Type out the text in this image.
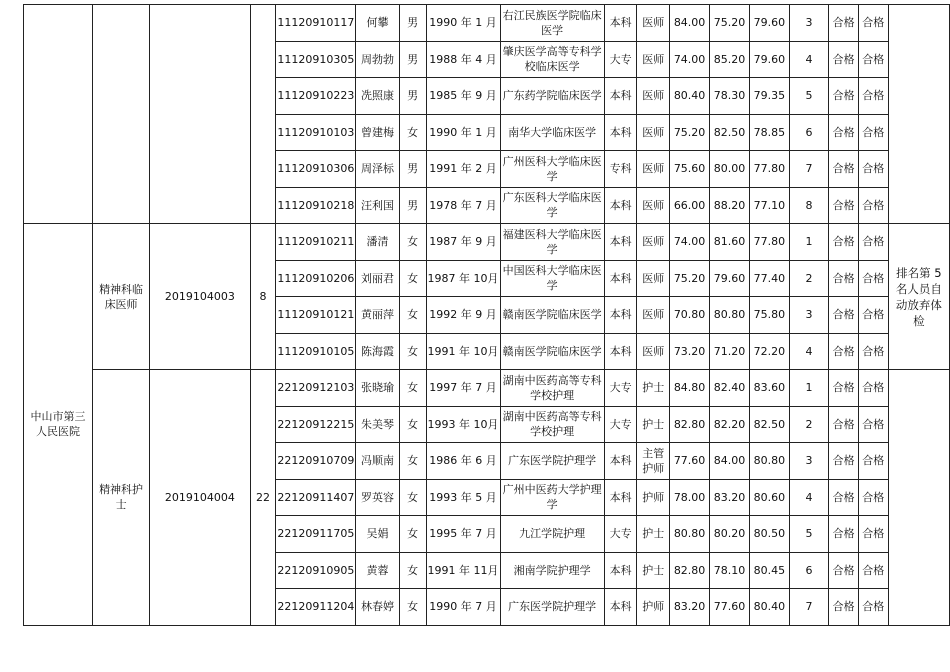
				11120910117	何攀	男	1990 年 1 月	右江民族医学院临床医学	本科	医师	84.00	75.20	79.60	3	合格	合格	
				11120910305	周勃勃	男	1988 年 4 月	肇庆医学高等专科学校临床医学	大专	医师	74.00	85.20	79.60	4	合格	合格	
				11120910223	冼照康	男	1985 年 9 月	广东药学院临床医学	本科	医师	80.40	78.30	79.35	5	合格	合格	
				11120910103	曾建梅	女	1990 年 1 月	南华大学临床医学	本科	医师	75.20	82.50	78.85	6	合格	合格	
				11120910306	周泽标	男	1991 年 2 月	广州医科大学临床医学	专科	医师	75.60	80.00	77.80	7	合格	合格	
				11120910218	汪利国	男	1978 年 7 月	广东医科大学临床医学	本科	医师	66.00	88.20	77.10	8	合格	合格	
中山市第三人民医院	精神科临床医师	2019104003	8	11120910211	潘清	女	1987 年 9 月	福建医科大学临床医学	本科	医师	74.00	81.60	77.80	1	合格	合格	排名第 5 名人员自动放弃体检
				11120910206	刘丽君	女	1987 年 10月	中国医科大学临床医学	本科	医师	75.20	79.60	77.40	2	合格	合格	
				11120910121	黄丽萍	女	1992 年 9 月	赣南医学院临床医学	本科	医师	70.80	80.80	75.80	3	合格	合格	
				11120910105	陈海霞	女	1991 年 10月	赣南医学院临床医学	本科	医师	73.20	71.20	72.20	4	合格	合格	
	精神科护士	2019104004	22	22120912103	张晓瑜	女	1997 年 7 月	湖南中医药高等专科学校护理	大专	护士	84.80	82.40	83.60	1	合格	合格	
				22120912215	朱美琴	女	1993 年 10月	湖南中医药高等专科学校护理	大专	护士	82.80	82.20	82.50	2	合格	合格	
				22120910709	冯顺南	女	1986 年 6 月	广东医学院护理学	本科	主管护师	77.60	84.00	80.80	3	合格	合格	
				22120911407	罗英容	女	1993 年 5 月	广州中医药大学护理学	本科	护师	78.00	83.20	80.60	4	合格	合格	
				22120911705	吴娟	女	1995 年 7 月	九江学院护理	大专	护士	80.80	80.20	80.50	5	合格	合格	
				22120910905	黄蓉	女	1991 年 11月	湘南学院护理学	本科	护士	82.80	78.10	80.45	6	合格	合格	
				22120911204	林春婷	女	1990 年 7 月	广东医学院护理学	本科	护师	83.20	77.60	80.40	7	合格	合格	
